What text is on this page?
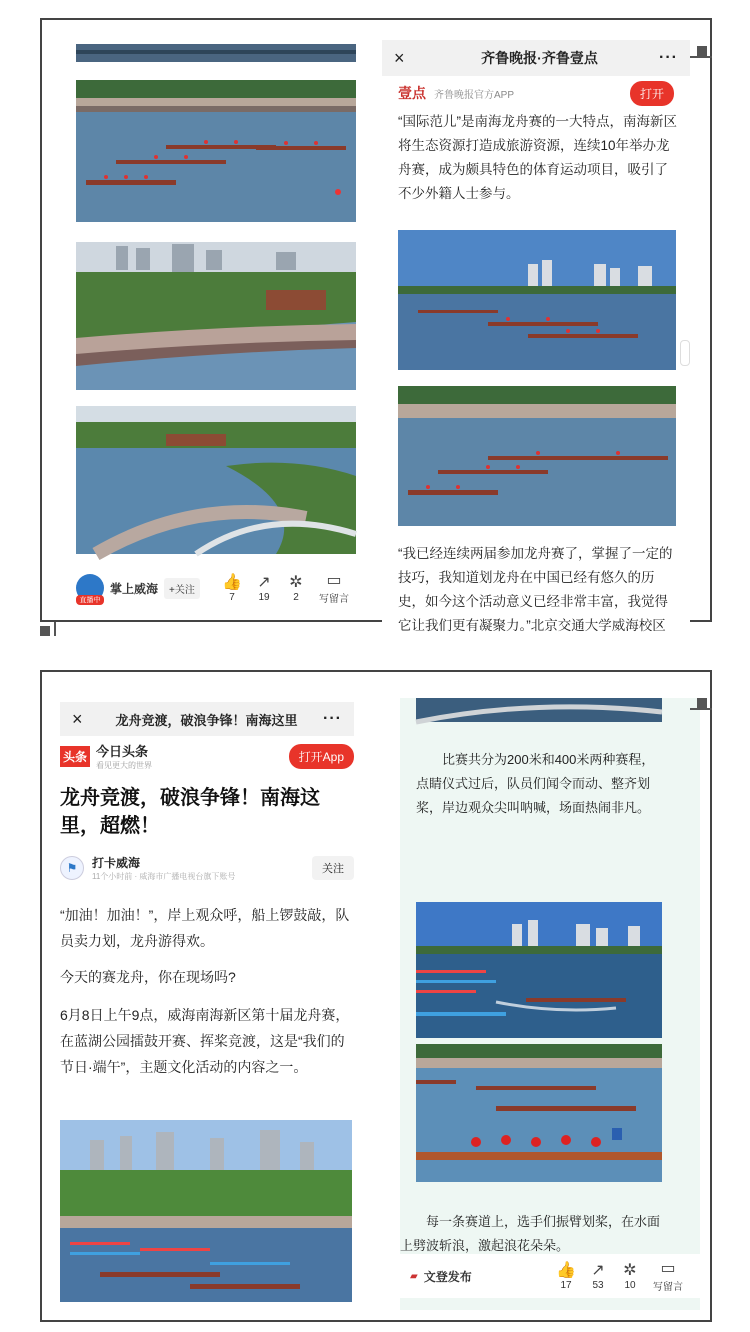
直播中
掌上威海	+关注	👍
7
↗
19
✲
2
▭
写留言
×	齐鲁晚报·齐鲁壹点	···
壹点 齐鲁晚报官方APP	打开

“国际范儿”是南海龙舟赛的一大特点，南海新区将生态资源打造成旅游资源，连续10年举办龙舟赛，成为颇具特色的体育运动项目，吸引了不少外籍人士参与。

“我已经连续两届参加龙舟赛了，掌握了一定的技巧，我知道划龙舟在中国已经有悠久的历史，如今这个活动意义已经非常丰富，我觉得它让我们更有凝聚力。”北京交通大学威海校区

×	龙舟竞渡，破浪争锋！南海这里	···
头条 今日头条
看见更大的世界
打开App
龙舟竞渡，破浪争锋！南海这里，超燃！
⚑	打卡威海
11个小时前 · 威海市广播电视台旗下账号
关注

“加油！加油！”，岸上观众呼，船上锣鼓敲，队员卖力划，龙舟游得欢。

今天的赛龙舟，你在现场吗?

6月8日上午9点，威海南海新区第十届龙舟赛，在蓝湖公园擂鼓开赛、挥桨竞渡，这是“我们的节日·端午”，主题文化活动的内容之一。

比赛共分为200米和400米两种赛程，点睛仪式过后，队员们闻令而动、整齐划桨，岸边观众尖叫呐喊，场面热闹非凡。

每一条赛道上，选手们振臂划桨，在水面上劈波斩浪，激起浪花朵朵。

▰ 文登发布	👍
17
↗
53
✲
10
▭
写留言
